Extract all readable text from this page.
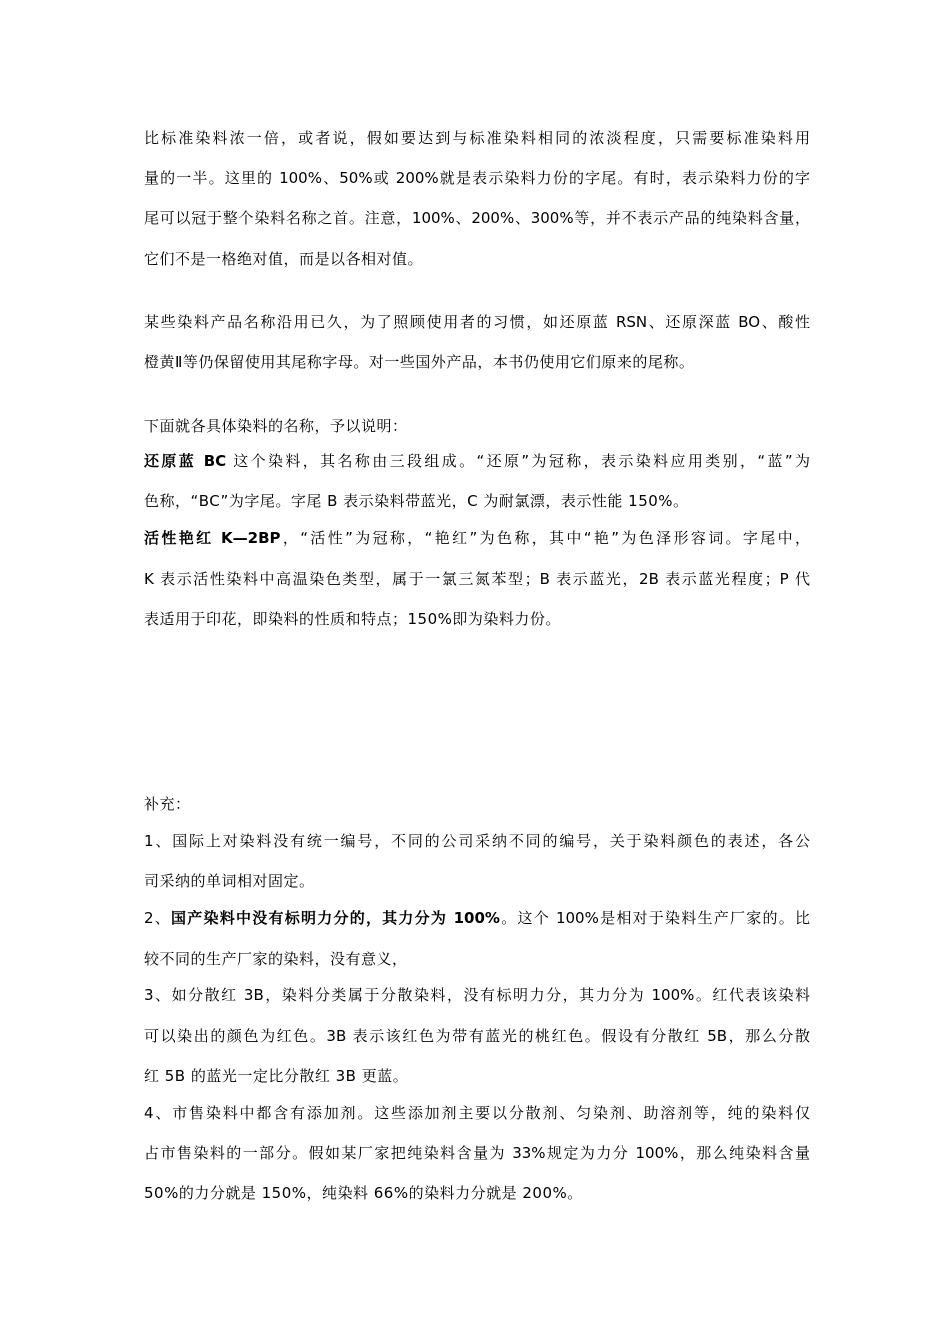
比标准染料浓一倍，或者说，假如要达到与标准染料相同的浓淡程度，只需要标准染料用
量的一半。这里的 100%、50%或 200%就是表示染料力份的字尾。有时，表示染料力份的字
尾可以冠于整个染料名称之首。注意，100%、200%、300%等，并不表示产品的纯染料含量，
它们不是一格绝对值，而是以各相对值。
某些染料产品名称沿用已久，为了照顾使用者的习惯，如还原蓝 RSN、还原深蓝 BO、酸性
橙黄Ⅱ等仍保留使用其尾称字母。对一些国外产品，本书仍使用它们原来的尾称。
下面就各具体染料的名称，予以说明：
还原蓝 BC 这个染料，其名称由三段组成。“还原”为冠称，表示染料应用类别，“蓝”为
色称，“BC”为字尾。字尾 B 表示染料带蓝光，C 为耐氯漂，表示性能 150%。
活性艳红 K—2BP，“活性”为冠称，“艳红”为色称，其中“艳”为色泽形容词。字尾中，
K 表示活性染料中高温染色类型，属于一氯三氮苯型；B 表示蓝光，2B 表示蓝光程度；P 代
表适用于印花，即染料的性质和特点；150%即为染料力份。
补充：
1、国际上对染料没有统一编号，不同的公司采纳不同的编号，关于染料颜色的表述，各公
司采纳的单词相对固定。
2、国产染料中没有标明力分的，其力分为 100%。这个 100%是相对于染料生产厂家的。比
较不同的生产厂家的染料，没有意义，
3、如分散红 3B，染料分类属于分散染料，没有标明力分，其力分为 100%。红代表该染料
可以染出的颜色为红色。3B 表示该红色为带有蓝光的桃红色。假设有分散红 5B，那么分散
红 5B 的蓝光一定比分散红 3B 更蓝。
4、市售染料中都含有添加剂。这些添加剂主要以分散剂、匀染剂、助溶剂等，纯的染料仅
占市售染料的一部分。假如某厂家把纯染料含量为 33%规定为力分 100%，那么纯染料含量
50%的力分就是 150%，纯染料 66%的染料力分就是 200%。
